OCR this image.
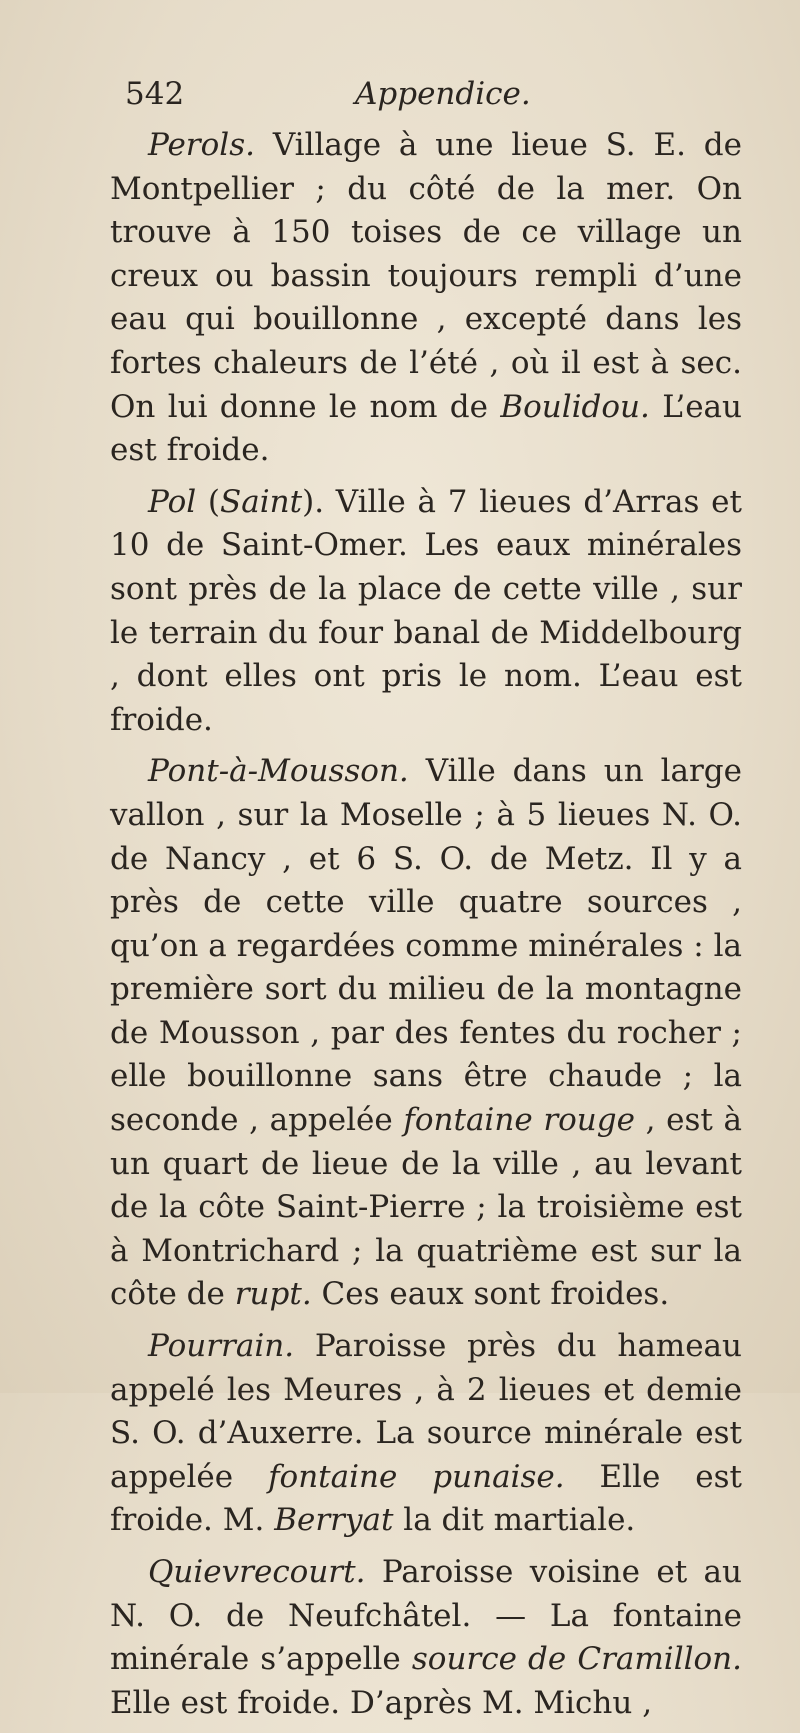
542	Appendice.

Perols. Village à une lieue S. E. de Montpellier ; du côté de la mer. On trouve à 150 toises de ce village un creux ou bassin toujours rempli d’une eau qui bouillonne , excepté dans les fortes chaleurs de l’été , où il est à sec. On lui donne le nom de Boulidou. L’eau est froide.

Pol (Saint). Ville à 7 lieues d’Arras et 10 de Saint-Omer. Les eaux minérales sont près de la place de cette ville , sur le terrain du four banal de Middelbourg , dont elles ont pris le nom. L’eau est froide.

Pont-à-Mousson. Ville dans un large vallon , sur la Moselle ; à 5 lieues N. O. de Nancy , et 6 S. O. de Metz. Il y a près de cette ville quatre sources , qu’on a regardées comme minérales : la première sort du milieu de la montagne de Mousson , par des fentes du rocher ; elle bouillonne sans être chaude ; la seconde , appelée fontaine rouge , est à un quart de lieue de la ville , au levant de la côte Saint-Pierre ; la troisième est à Montrichard ; la quatrième est sur la côte de rupt. Ces eaux sont froides.

Pourrain. Paroisse près du hameau appelé les Meures , à 2 lieues et demie S. O. d’Auxerre. La source minérale est appelée fontaine punaise. Elle est froide. M. Berryat la dit martiale.

Quievrecourt. Paroisse voisine et au N. O. de Neufchâtel. — La fontaine minérale s’appelle source de Cramillon. Elle est froide. D’après M. Michu ,
